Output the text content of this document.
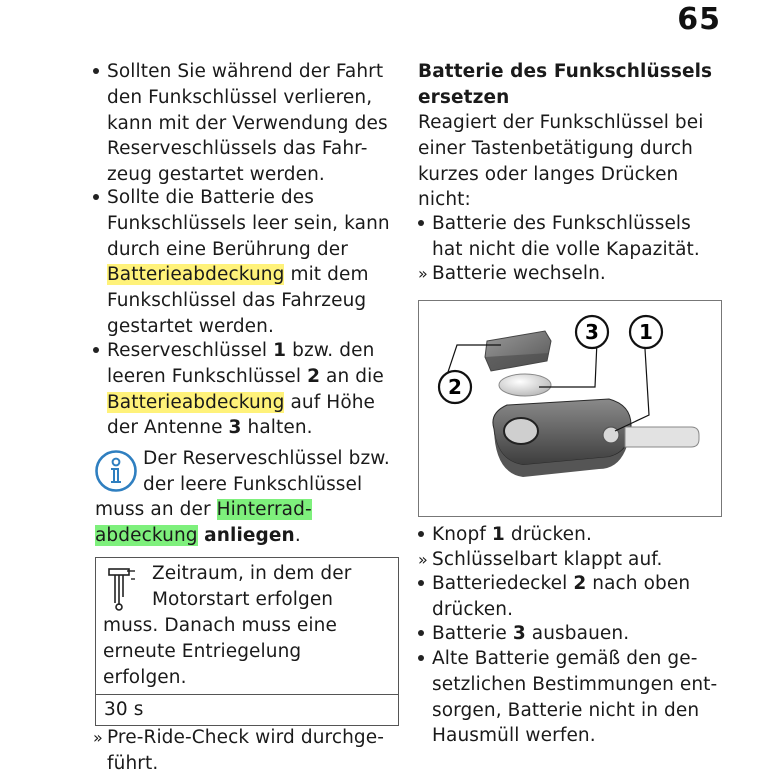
65
Sollten Sie während der Fahrt
den Funkschlüssel verlieren,
kann mit der Verwendung des
Reserveschlüssels das Fahr-
zeug gestartet werden.
Sollte die Batterie des
Funkschlüssels leer sein, kann
durch eine Berührung der
Batterieabdeckung mit dem
Funkschlüssel das Fahrzeug
gestartet werden.
Reserveschlüssel 1 bzw. den
leeren Funkschlüssel 2 an die
Batterieabdeckung auf Höhe
der Antenne 3 halten.
Der Reserveschlüssel bzw.
der leere Funkschlüssel
muss an der Hinterrad-
abdeckung anliegen.
Zeitraum, in dem der
Motorstart erfolgen
muss. Danach muss eine
erneute Entriegelung
erfolgen.
30 s
» Pre-Ride-Check wird durchge-
führt.
Batterie des Funkschlüssels
ersetzen
Reagiert der Funkschlüssel bei
einer Tastenbetätigung durch
kurzes oder langes Drücken
nicht:
Batterie des Funkschlüssels
hat nicht die volle Kapazität.
» Batterie wechseln.
2
3 1
Knopf 1 drücken.
» Schlüsselbart klappt auf.
Batteriedeckel 2 nach oben
drücken.
Batterie 3 ausbauen.
Alte Batterie gemäß den ge-
setzlichen Bestimmungen ent-
sorgen, Batterie nicht in den
Hausmüll werfen.
